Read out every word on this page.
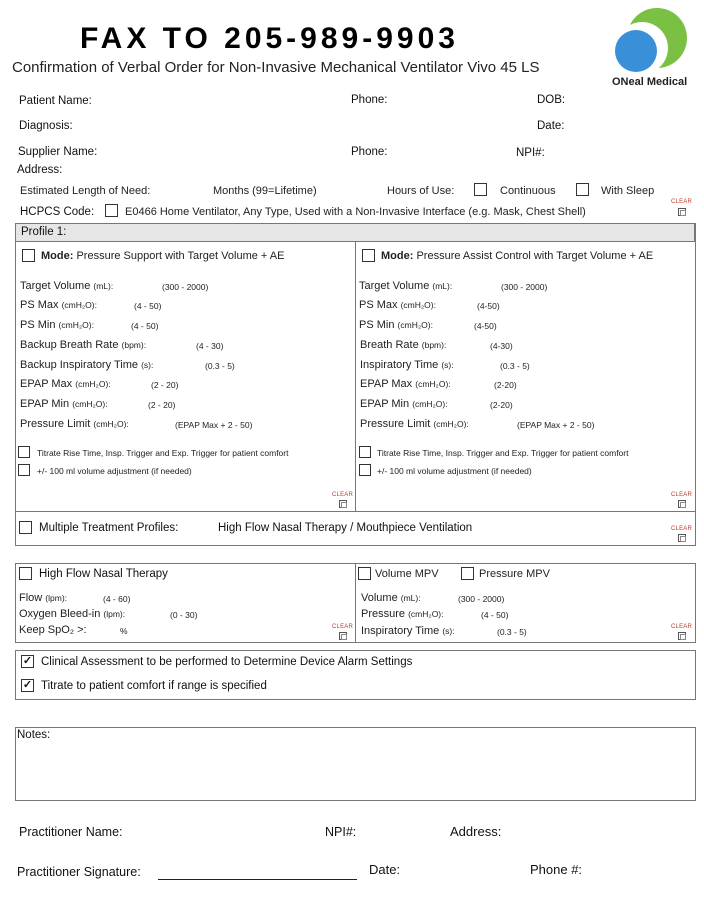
FAX TO 205-989-9903
Confirmation of Verbal Order for Non-Invasive Mechanical Ventilator Vivo 45 LS
ONeal Medical
Patient Name:	Phone:	DOB:
Diagnosis:	Date:
Supplier Name:	Phone:	NPI#:
Address:
Estimated Length of Need:	Months (99=Lifetime)	Hours of Use:	Continuous	With Sleep
HCPCS Code:	E0466 Home Ventilator, Any Type, Used with a Non-Invasive Interface (e.g. Mask, Chest Shell)
CLEAR
Profile 1:
Mode: Pressure Support with Target Volume + AE
Target Volume (mL):	(300 - 2000)
PS Max (cmH₂O):	(4 - 50)
PS Min (cmH₂O):	(4 - 50)
Backup Breath Rate (bpm):	(4 - 30)
Backup Inspiratory Time (s):	(0.3 - 5)
EPAP Max (cmH₂O):	(2 - 20)
EPAP Min (cmH₂O):	(2 - 20)
Pressure Limit (cmH₂O):	(EPAP Max + 2 - 50)
Titrate Rise Time, Insp. Trigger and Exp. Trigger for patient comfort
+/- 100 ml volume adjustment (if needed)
CLEAR
Mode: Pressure Assist Control with Target Volume + AE
Target Volume (mL):	(300 - 2000)
PS Max (cmH₂O):	(4-50)
PS Min (cmH₂O):	(4-50)
Breath Rate (bpm):	(4-30)
Inspiratory Time (s):	(0.3 - 5)
EPAP Max (cmH₂O):	(2-20)
EPAP Min (cmH₂O):	(2-20)
Pressure Limit (cmH₂O):	(EPAP Max + 2 - 50)
Titrate Rise Time, Insp. Trigger and Exp. Trigger for patient comfort
+/- 100 ml volume adjustment (if needed)
CLEAR
Multiple Treatment Profiles:	High Flow Nasal Therapy / Mouthpiece Ventilation	CLEAR
High Flow Nasal Therapy
Flow (lpm):	(4 - 60)
Oxygen Bleed-in (lpm):	(0 - 30)
Keep SpO₂ >:	%	CLEAR
Volume MPV	Pressure MPV
Volume (mL):	(300 - 2000)
Pressure (cmH₂O):	(4 - 50)
Inspiratory Time (s):	(0.3 - 5)	CLEAR
✓ Clinical Assessment to be performed to Determine Device Alarm Settings
✓ Titrate to patient comfort if range is specified
Notes:
Practitioner Name:	NPI#:	Address:
Practitioner Signature:	Date:	Phone #:
